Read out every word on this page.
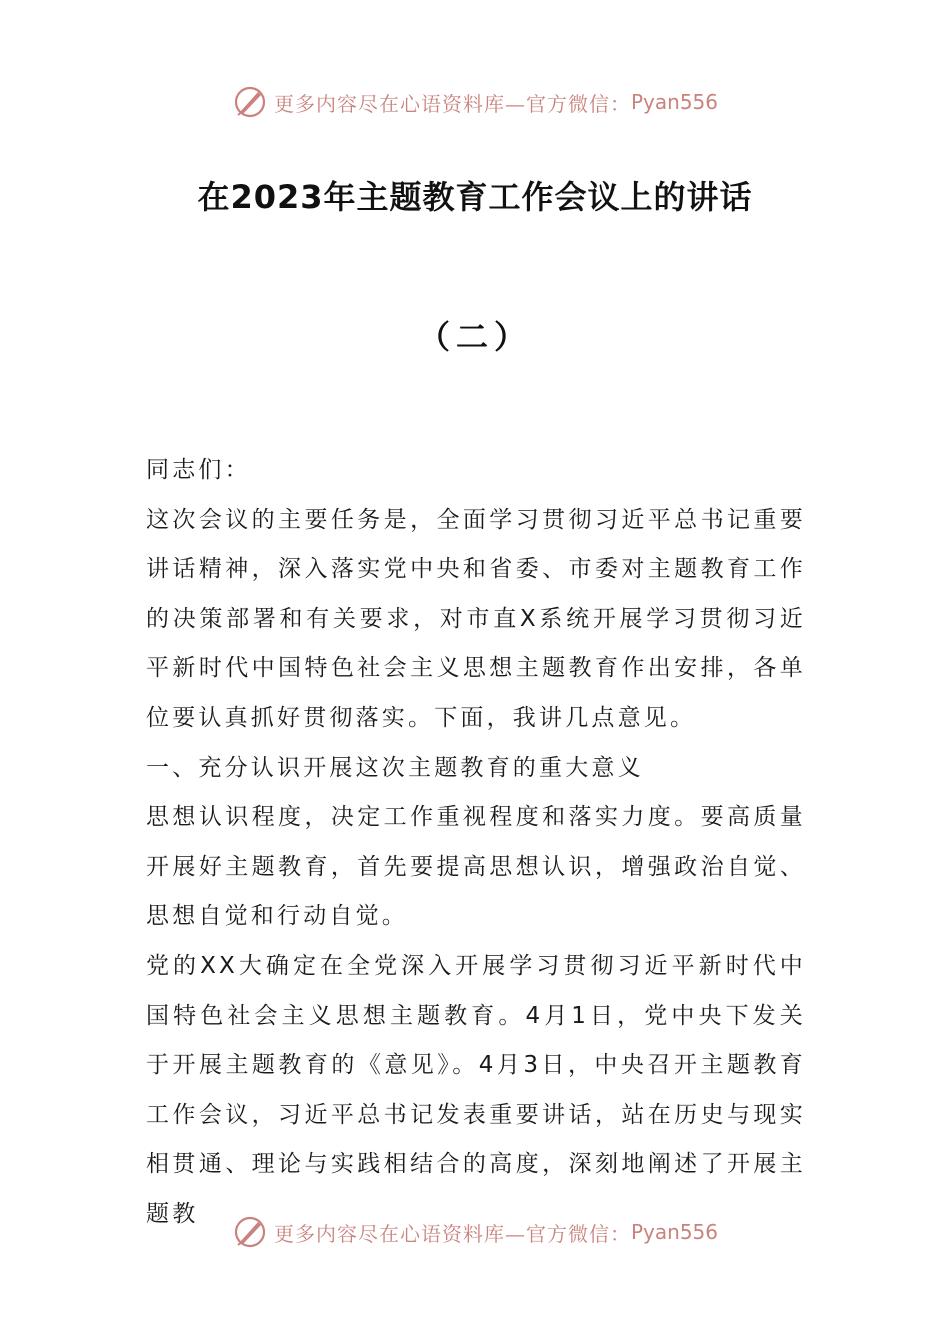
更多内容尽在心语资料库—官方微信： Pyan556
在2023年主题教育工作会议上的讲话
（二）

同志们：

这次会议的主要任务是，全面学习贯彻习近平总书记重要讲话精神，深入落实党中央和省委、市委对主题教育工作的决策部署和有关要求，对市直X系统开展学习贯彻习近平新时代中国特色社会主义思想主题教育作出安排，各单位要认真抓好贯彻落实。下面，我讲几点意见。

一、充分认识开展这次主题教育的重大意义

思想认识程度，决定工作重视程度和落实力度。要高质量开展好主题教育，首先要提高思想认识，增强政治自觉、思想自觉和行动自觉。

党的XX大确定在全党深入开展学习贯彻习近平新时代中国特色社会主义思想主题教育。4月1日，党中央下发关于开展主题教育的《意见》。4月3日，中央召开主题教育工作会议，习近平总书记发表重要讲话，站在历史与现实相贯通、理论与实践相结合的高度，深刻地阐述了开展主题教

更多内容尽在心语资料库—官方微信： Pyan556
